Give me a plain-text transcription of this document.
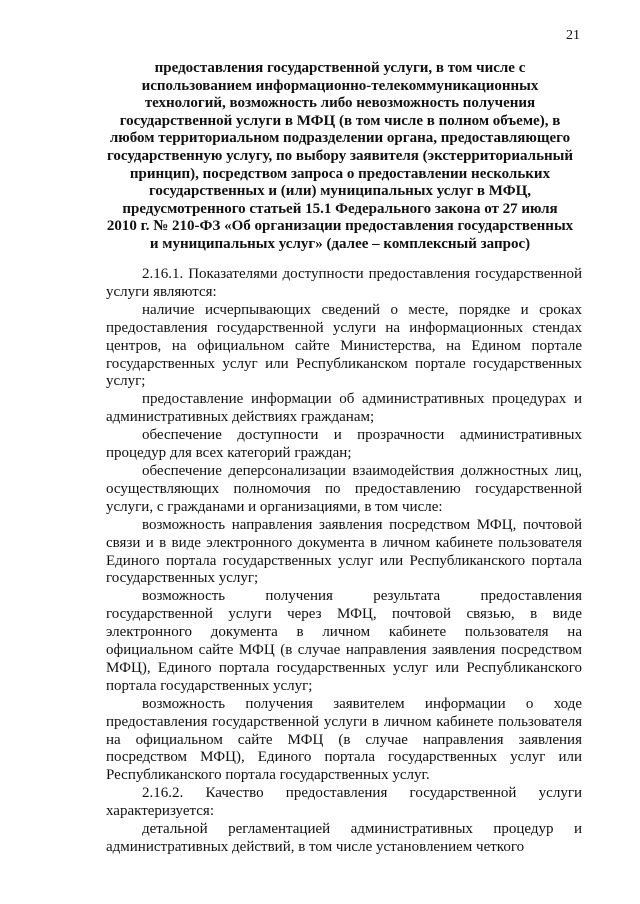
21
предоставления государственной услуги, в том числе с
использованием информационно-телекоммуникационных
технологий, возможность либо невозможность получения
государственной услуги в МФЦ (в том числе в полном объеме), в
любом территориальном подразделении органа, предоставляющего
государственную услугу, по выбору заявителя (экстерриториальный
принцип), посредством запроса о предоставлении нескольких
государственных и (или) муниципальных услуг в МФЦ,
предусмотренного статьей 15.1 Федерального закона от 27 июля
2010 г. № 210-ФЗ «Об организации предоставления государственных
и муниципальных услуг» (далее – комплексный запрос)

2.16.1. Показателями доступности предоставления государственной услуги являются:

наличие исчерпывающих сведений о месте, порядке и сроках предоставления государственной услуги на информационных стендах центров, на официальном сайте Министерства, на Едином портале государственных услуг или Республиканском портале государственных услуг;

предоставление информации об административных процедурах и административных действиях гражданам;

обеспечение доступности и прозрачности административных процедур для всех категорий граждан;

обеспечение деперсонализации взаимодействия должностных лиц, осуществляющих полномочия по предоставлению государственной услуги, с гражданами и организациями, в том числе:

возможность направления заявления посредством МФЦ, почтовой связи и в виде электронного документа в личном кабинете пользователя Единого портала государственных услуг или Республиканского портала государственных услуг;

возможность получения результата предоставления государственной услуги через МФЦ, почтовой связью, в виде электронного документа в личном кабинете пользователя на официальном сайте МФЦ (в случае направления заявления посредством МФЦ), Единого портала государственных услуг или Республиканского портала государственных услуг;

возможность получения заявителем информации о ходе предоставления государственной услуги в личном кабинете пользователя на официальном сайте МФЦ (в случае направления заявления посредством МФЦ), Единого портала государственных услуг или Республиканского портала государственных услуг.

2.16.2. Качество предоставления государственной услуги характеризуется:

детальной регламентацией административных процедур и административных действий, в том числе установлением четкого
